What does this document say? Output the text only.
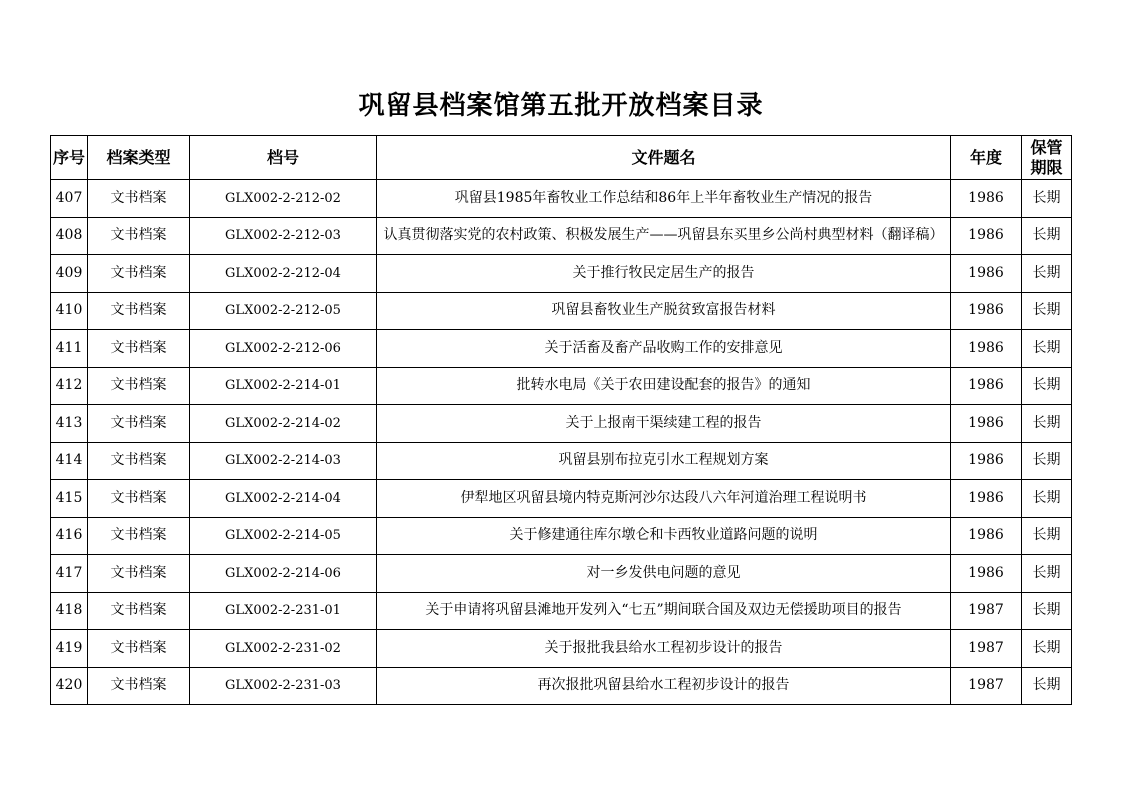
巩留县档案馆第五批开放档案目录
序号	档案类型	档号	文件题名	年度	保管期限
407	文书档案	GLX002-2-212-02	巩留县1985年畜牧业工作总结和86年上半年畜牧业生产情况的报告	1986	长期
408	文书档案	GLX002-2-212-03	认真贯彻落实党的农村政策、积极发展生产——巩留县东买里乡公尚村典型材料（翻译稿）	1986	长期
409	文书档案	GLX002-2-212-04	关于推行牧民定居生产的报告	1986	长期
410	文书档案	GLX002-2-212-05	巩留县畜牧业生产脱贫致富报告材料	1986	长期
411	文书档案	GLX002-2-212-06	关于活畜及畜产品收购工作的安排意见	1986	长期
412	文书档案	GLX002-2-214-01	批转水电局《关于农田建设配套的报告》的通知	1986	长期
413	文书档案	GLX002-2-214-02	关于上报南干渠续建工程的报告	1986	长期
414	文书档案	GLX002-2-214-03	巩留县别布拉克引水工程规划方案	1986	长期
415	文书档案	GLX002-2-214-04	伊犁地区巩留县境内特克斯河沙尔达段八六年河道治理工程说明书	1986	长期
416	文书档案	GLX002-2-214-05	关于修建通往库尔墩仑和卡西牧业道路问题的说明	1986	长期
417	文书档案	GLX002-2-214-06	对一乡发供电问题的意见	1986	长期
418	文书档案	GLX002-2-231-01	关于申请将巩留县滩地开发列入“七五”期间联合国及双边无偿援助项目的报告	1987	长期
419	文书档案	GLX002-2-231-02	关于报批我县给水工程初步设计的报告	1987	长期
420	文书档案	GLX002-2-231-03	再次报批巩留县给水工程初步设计的报告	1987	长期
